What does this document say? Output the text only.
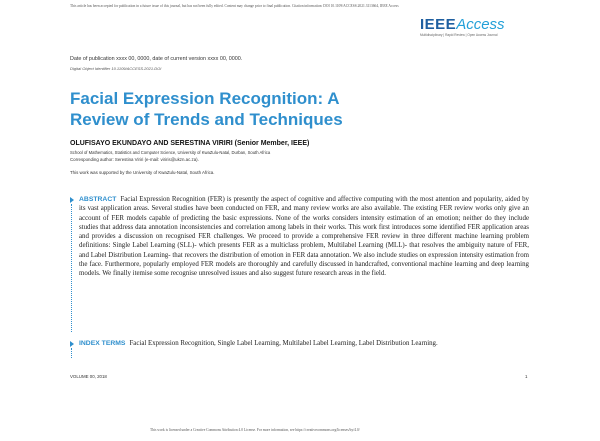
This article has been accepted for publication in a future issue of this journal, but has not been fully edited. Content may change prior to final publication. Citation information: DOI 10.1109/ACCESS.2021.3113664, IEEE Access
IEEEAccess
Multidisciplinary | Rapid Review | Open Access Journal
Date of publication xxxx 00, 0000, date of current version xxxx 00, 0000.
Digital Object Identifier 10.1109/ACCESS.2021.DOI
Facial Expression Recognition: A Review of Trends and Techniques
OLUFISAYO EKUNDAYO AND SERESTINA VIRIRI (Senior Member, IEEE)
School of Mathematics, Statistics and Computer Science, University of KwaZulu-Natal, Durban, South Africa
Corresponding author: Serestina Viriri (e-mail: viriris@ukzn.ac.za).
This work was supported by the University of KwaZulu-Natal, South Africa.
ABSTRACT Facial Expression Recognition (FER) is presently the aspect of cognitive and affective computing with the most attention and popularity, aided by its vast application areas. Several studies have been conducted on FER, and many review works are also available. The existing FER review works only give an account of FER models capable of predicting the basic expressions. None of the works considers intensity estimation of an emotion; neither do they include studies that address data annotation inconsistencies and correlation among labels in their works. This work first introduces some identified FER application areas and provides a discussion on recognised FER challenges. We proceed to provide a comprehensive FER review in three different machine learning problem definitions: Single Label Learning (SLL)- which presents FER as a multiclass problem, Multilabel Learning (MLL)- that resolves the ambiguity nature of FER, and Label Distribution Learning- that recovers the distribution of emotion in FER data annotation. We also include studies on expression intensity estimation from the face. Furthermore, popularly employed FER models are thoroughly and carefully discussed in handcrafted, conventional machine learning and deep learning models. We finally itemise some recognise unresolved issues and also suggest future research areas in the field.
INDEX TERMS Facial Expression Recognition, Single Label Learning, Multilabel Label Learning, Label Distribution Learning.
VOLUME 00, 2018	1
This work is licensed under a Creative Commons Attribution 4.0 License. For more information, see https://creativecommons.org/licenses/by/4.0/
